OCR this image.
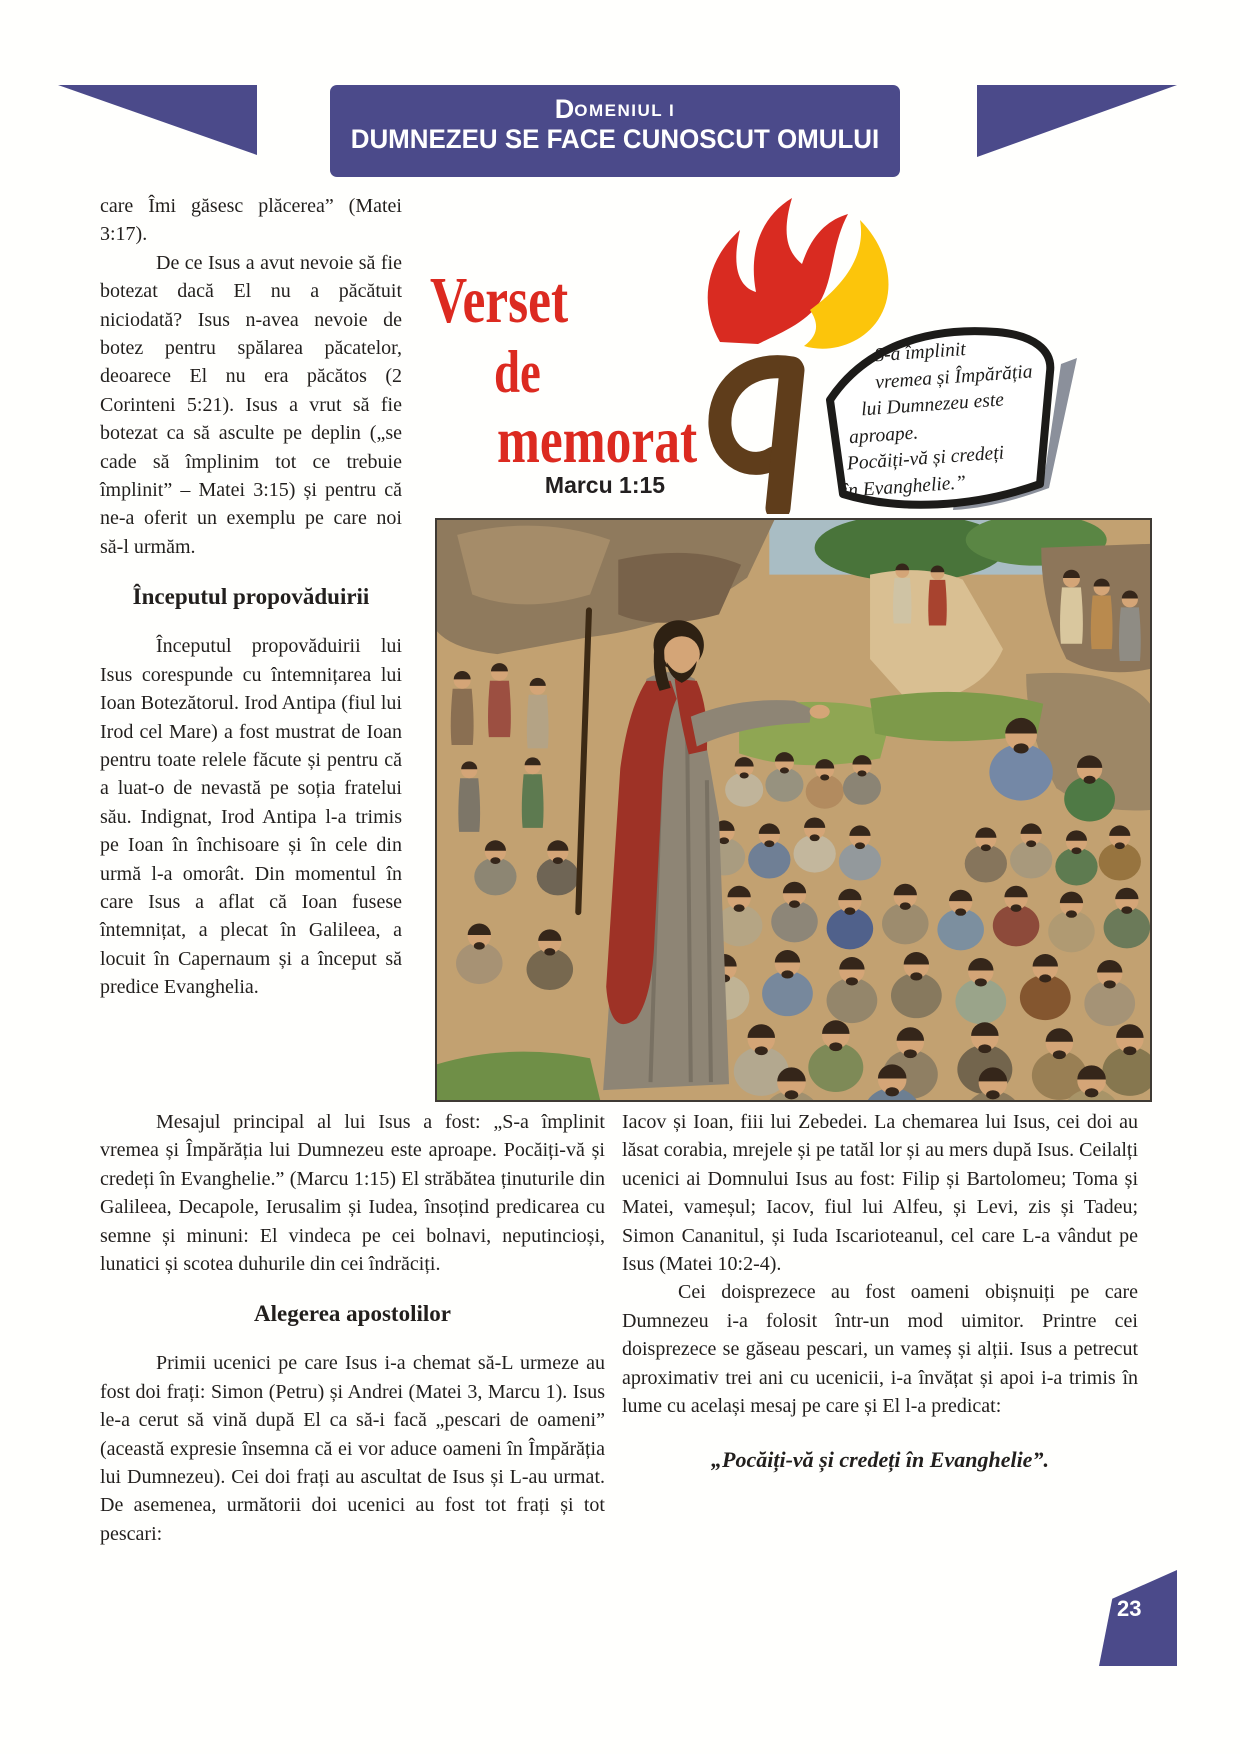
DOMENIUL I
DUMNEZEU SE FACE CUNOSCUT OMULUI

care Îmi găsesc plăcerea” (Matei 3:17).

De ce Isus a avut nevoie să fie botezat dacă El nu a păcătuit niciodată? Isus n-avea nevoie de botez pentru spălarea păcatelor, deoarece El nu era păcătos (2 Corinteni 5:21). Isus a vrut să fie botezat ca să asculte pe deplin („se cade să împlinim tot ce trebuie împlinit” – Matei 3:15) și pentru că ne-a oferit un exemplu pe care noi să-l urmăm.

Începutul propovăduirii

Începutul propovăduirii lui Isus corespunde cu întemnițarea lui Ioan Botezătorul. Irod Antipa (fiul lui Irod cel Mare) a fost mustrat de Ioan pentru toate relele făcute și pentru că a luat-o de nevastă pe soția fratelui său. Indignat, Irod Antipa l-a trimis pe Ioan în închisoare și în cele din urmă l-a omorât. Din momentul în care Isus a aflat că Ioan fusese întemnițat, a plecat în Galileea, a locuit în Capernaum și a început să predice Evanghelia.

Verset
de
memorat
Marcu 1:15
„S-a împlinit
vremea și Împărăția
lui Dumnezeu este
aproape.
Pocăiți-vă și credeți
în Evanghelie.”

Mesajul principal al lui Isus a fost: „S-a împlinit vremea și Împărăția lui Dumnezeu este aproape. Pocăiți-vă și credeți în Evanghelie.” (Marcu 1:15) El străbătea ținuturile din Galileea, Decapole, Ierusalim și Iudea, însoțind predicarea cu semne și minuni: El vindeca pe cei bolnavi, neputincioși, lunatici și scotea duhurile din cei îndrăciți.

Alegerea apostolilor

Primii ucenici pe care Isus i-a chemat să-L urmeze au fost doi frați: Simon (Petru) și Andrei (Matei 3, Marcu 1). Isus le-a cerut să vină după El ca să-i facă „pescari de oameni” (această expresie însemna că ei vor aduce oameni în Împărăția lui Dumnezeu). Cei doi frați au ascultat de Isus și L-au urmat. De asemenea, următorii doi ucenici au fost tot frați și tot pescari:

Iacov și Ioan, fiii lui Zebedei. La chemarea lui Isus, cei doi au lăsat corabia, mrejele și pe tatăl lor și au mers după Isus. Ceilalți ucenici ai Domnului Isus au fost: Filip și Bartolomeu; Toma și Matei, vameșul; Iacov, fiul lui Alfeu, și Levi, zis și Tadeu; Simon Cananitul, și Iuda Iscarioteanul, cel care L-a vândut pe Isus (Matei 10:2-4).

Cei doisprezece au fost oameni obișnuiți pe care Dumnezeu i-a folosit într-un mod uimitor. Printre cei doisprezece se găseau pescari, un vameș și alții. Isus a petrecut aproximativ trei ani cu ucenicii, i-a învățat și apoi i-a trimis în lume cu același mesaj pe care și El l-a predicat:

„Pocăiți-vă și credeți în Evanghelie”.
23
